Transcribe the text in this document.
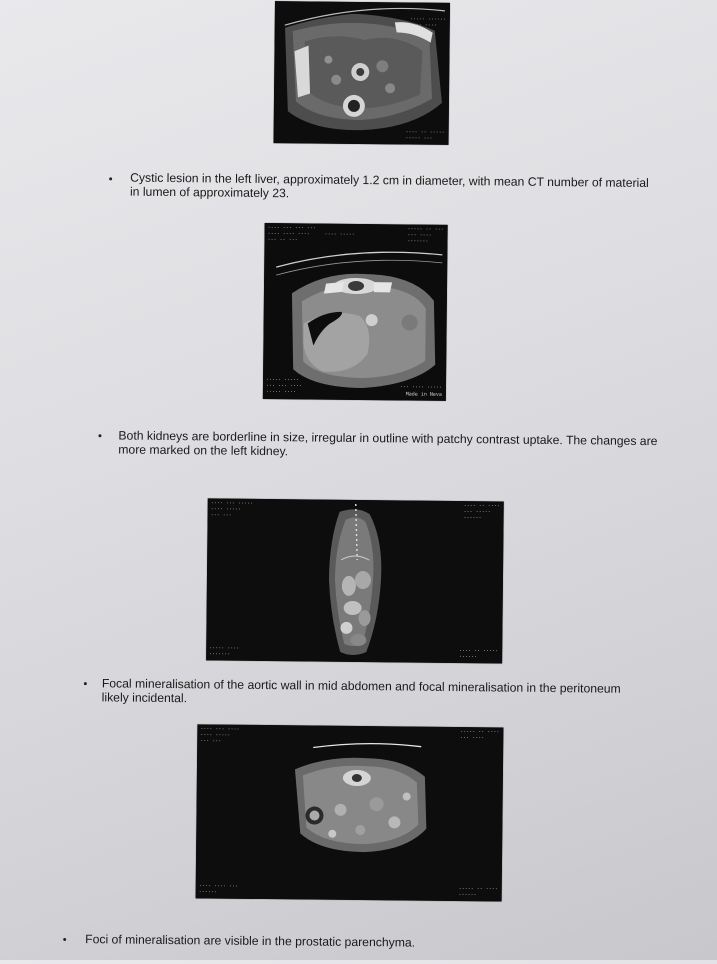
····· ······
···· ····
···· ·· ·····
····· ···
Cystic lesion in the left liver, approximately 1.2 cm in diameter, with mean CT number of material in lumen of approximately 23.
···· ··· ··· ···
···· ···· ····
··· ·· ···
···· ·····
····· ·· ···
··· ····
·······
····· ·····
··· ··· ····
····· ····
··· ···· ·····
Made in Neva
Both kidneys are borderline in size, irregular in outline with patchy contrast uptake. The changes are more marked on the left kidney.
···· ··· ·····
···· ·····
··· ···
···· ·· ····
··· ·····
······
····· ····
·······
···· ·· ·····
······
Focal mineralisation of the aortic wall in mid abdomen and focal mineralisation in the peritoneum likely incidental.
···· ··· ····
···· ·····
··· ···
····· ·· ····
··· ····
···· ···· ···
······	····· ·· ····
······
Foci of mineralisation are visible in the prostatic parenchyma.
